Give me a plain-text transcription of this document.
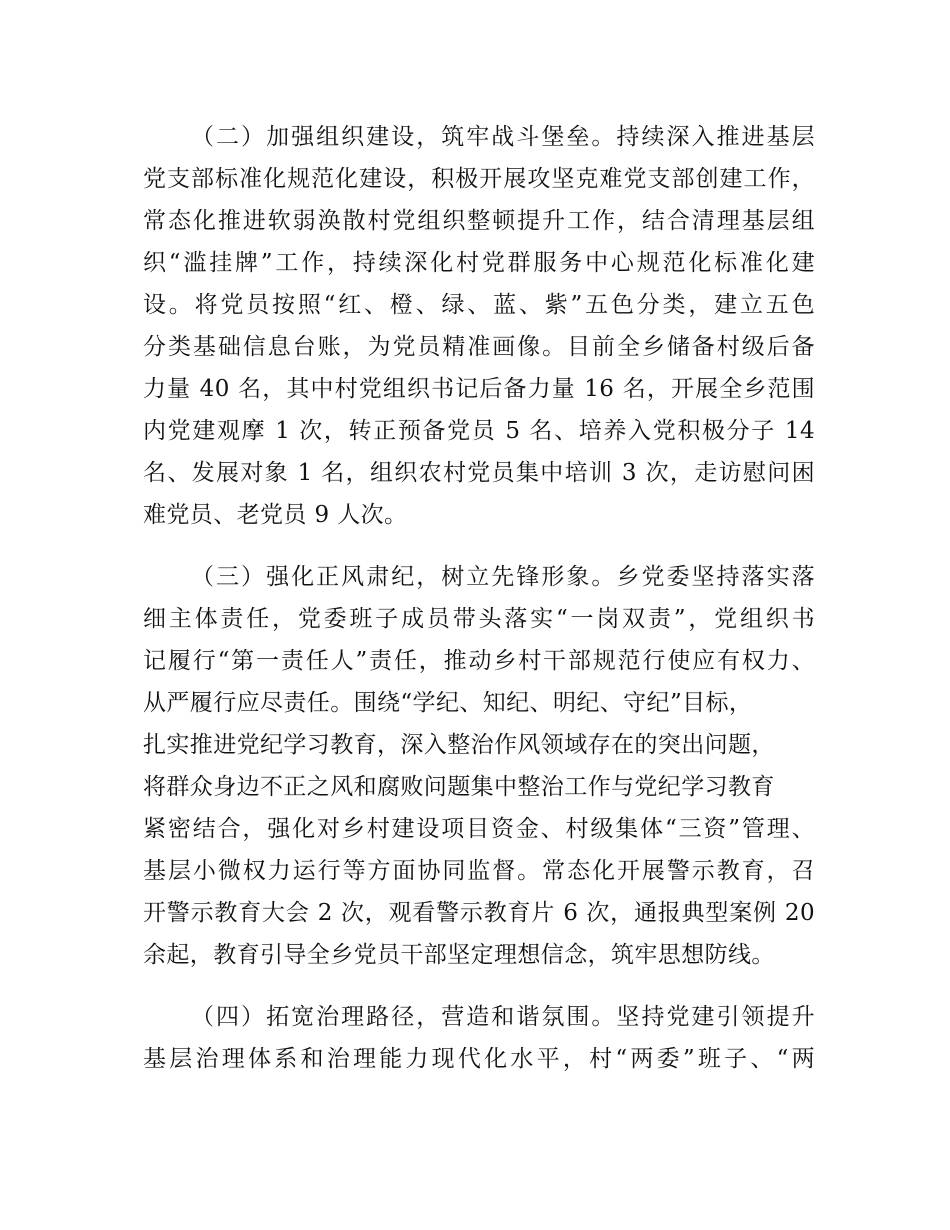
（二）加强组织建设，筑牢战斗堡垒。持续深入推进基层
党支部标准化规范化建设，积极开展攻坚克难党支部创建工作，
常态化推进软弱涣散村党组织整顿提升工作，结合清理基层组
织“滥挂牌”工作，持续深化村党群服务中心规范化标准化建
设。将党员按照“红、橙、绿、蓝、紫”五色分类，建立五色
分类基础信息台账，为党员精准画像。目前全乡储备村级后备
力量 40 名，其中村党组织书记后备力量 16 名，开展全乡范围
内党建观摩 1 次，转正预备党员 5 名、培养入党积极分子 14
名、发展对象 1 名，组织农村党员集中培训 3 次，走访慰问困
难党员、老党员 9 人次。
（三）强化正风肃纪，树立先锋形象。乡党委坚持落实落
细主体责任，党委班子成员带头落实“一岗双责”，党组织书
记履行“第一责任人”责任，推动乡村干部规范行使应有权力、
从严履行应尽责任。围绕“学纪、知纪、明纪、守纪”目标，
扎实推进党纪学习教育，深入整治作风领域存在的突出问题，
将群众身边不正之风和腐败问题集中整治工作与党纪学习教育
紧密结合，强化对乡村建设项目资金、村级集体“三资”管理、
基层小微权力运行等方面协同监督。常态化开展警示教育，召
开警示教育大会 2 次，观看警示教育片 6 次，通报典型案例 20
余起，教育引导全乡党员干部坚定理想信念，筑牢思想防线。
（四）拓宽治理路径，营造和谐氛围。坚持党建引领提升
基层治理体系和治理能力现代化水平，村“两委”班子、“两
